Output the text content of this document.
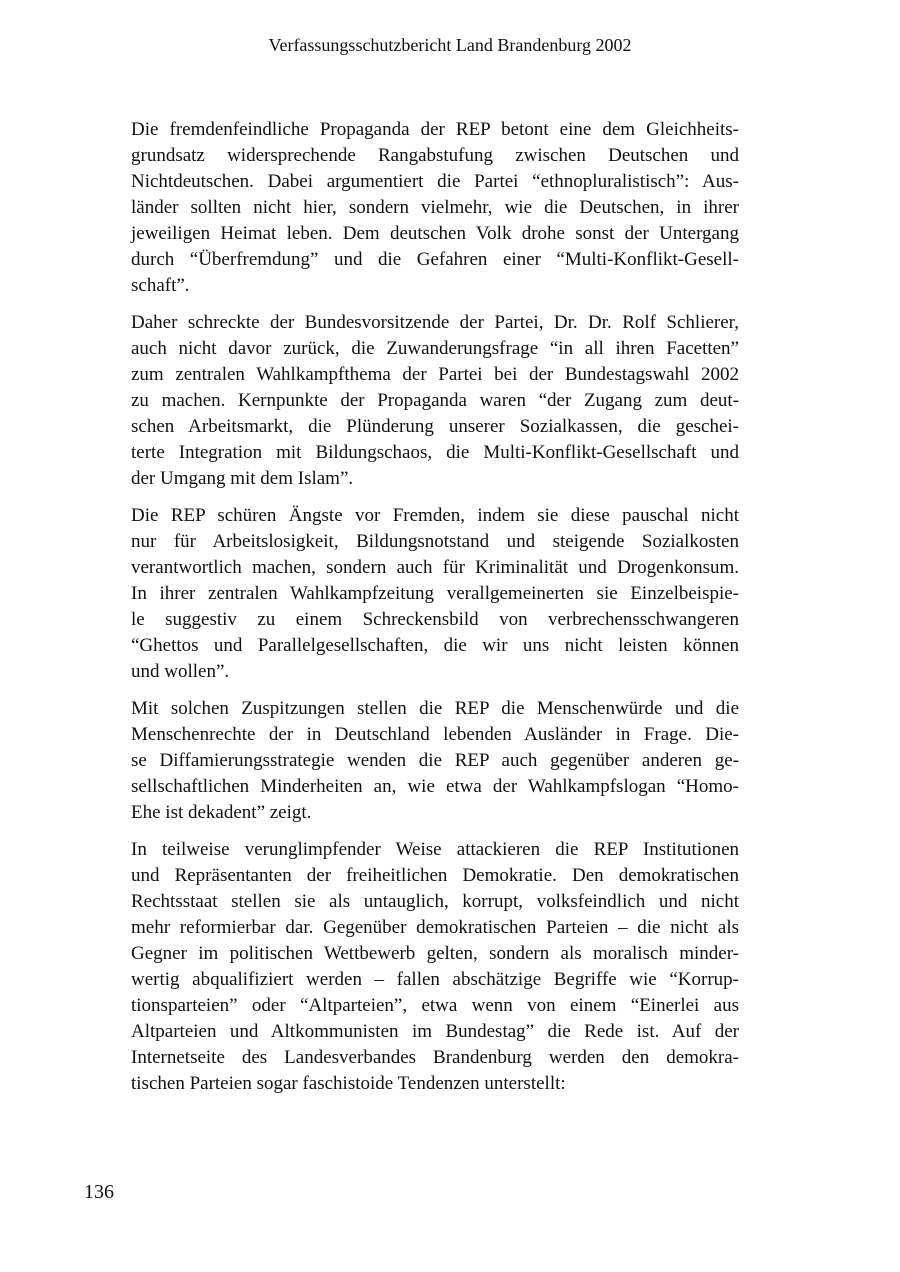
Verfassungsschutzbericht Land Brandenburg 2002
Die fremdenfeindliche Propaganda der REP betont eine dem Gleichheits-
grundsatz widersprechende Rangabstufung zwischen Deutschen und
Nichtdeutschen. Dabei argumentiert die Partei “ethnopluralistisch”: Aus-
länder sollten nicht hier, sondern vielmehr, wie die Deutschen, in ihrer
jeweiligen Heimat leben. Dem deutschen Volk drohe sonst der Untergang
durch “Überfremdung” und die Gefahren einer “Multi-Konflikt-Gesell-
schaft”.
Daher schreckte der Bundesvorsitzende der Partei, Dr. Dr. Rolf Schlierer,
auch nicht davor zurück, die Zuwanderungsfrage “in all ihren Facetten”
zum zentralen Wahlkampfthema der Partei bei der Bundestagswahl 2002
zu machen. Kernpunkte der Propaganda waren “der Zugang zum deut-
schen Arbeitsmarkt, die Plünderung unserer Sozialkassen, die geschei-
terte Integration mit Bildungschaos, die Multi-Konflikt-Gesellschaft und
der Umgang mit dem Islam”.
Die REP schüren Ängste vor Fremden, indem sie diese pauschal nicht
nur für Arbeitslosigkeit, Bildungsnotstand und steigende Sozialkosten
verantwortlich machen, sondern auch für Kriminalität und Drogenkonsum.
In ihrer zentralen Wahlkampfzeitung verallgemeinerten sie Einzelbeispie-
le suggestiv zu einem Schreckensbild von verbrechensschwangeren
“Ghettos und Parallelgesellschaften, die wir uns nicht leisten können
und wollen”.
Mit solchen Zuspitzungen stellen die REP die Menschenwürde und die
Menschenrechte der in Deutschland lebenden Ausländer in Frage. Die-
se Diffamierungsstrategie wenden die REP auch gegenüber anderen ge-
sellschaftlichen Minderheiten an, wie etwa der Wahlkampfslogan “Homo-
Ehe ist dekadent” zeigt.
In teilweise verunglimpfender Weise attackieren die REP Institutionen
und Repräsentanten der freiheitlichen Demokratie. Den demokratischen
Rechtsstaat stellen sie als untauglich, korrupt, volksfeindlich und nicht
mehr reformierbar dar. Gegenüber demokratischen Parteien – die nicht als
Gegner im politischen Wettbewerb gelten, sondern als moralisch minder-
wertig abqualifiziert werden – fallen abschätzige Begriffe wie “Korrup-
tionsparteien” oder “Altparteien”, etwa wenn von einem “Einerlei aus
Altparteien und Altkommunisten im Bundestag” die Rede ist. Auf der
Internetseite des Landesverbandes Brandenburg werden den demokra-
tischen Parteien sogar faschistoide Tendenzen unterstellt:
136
